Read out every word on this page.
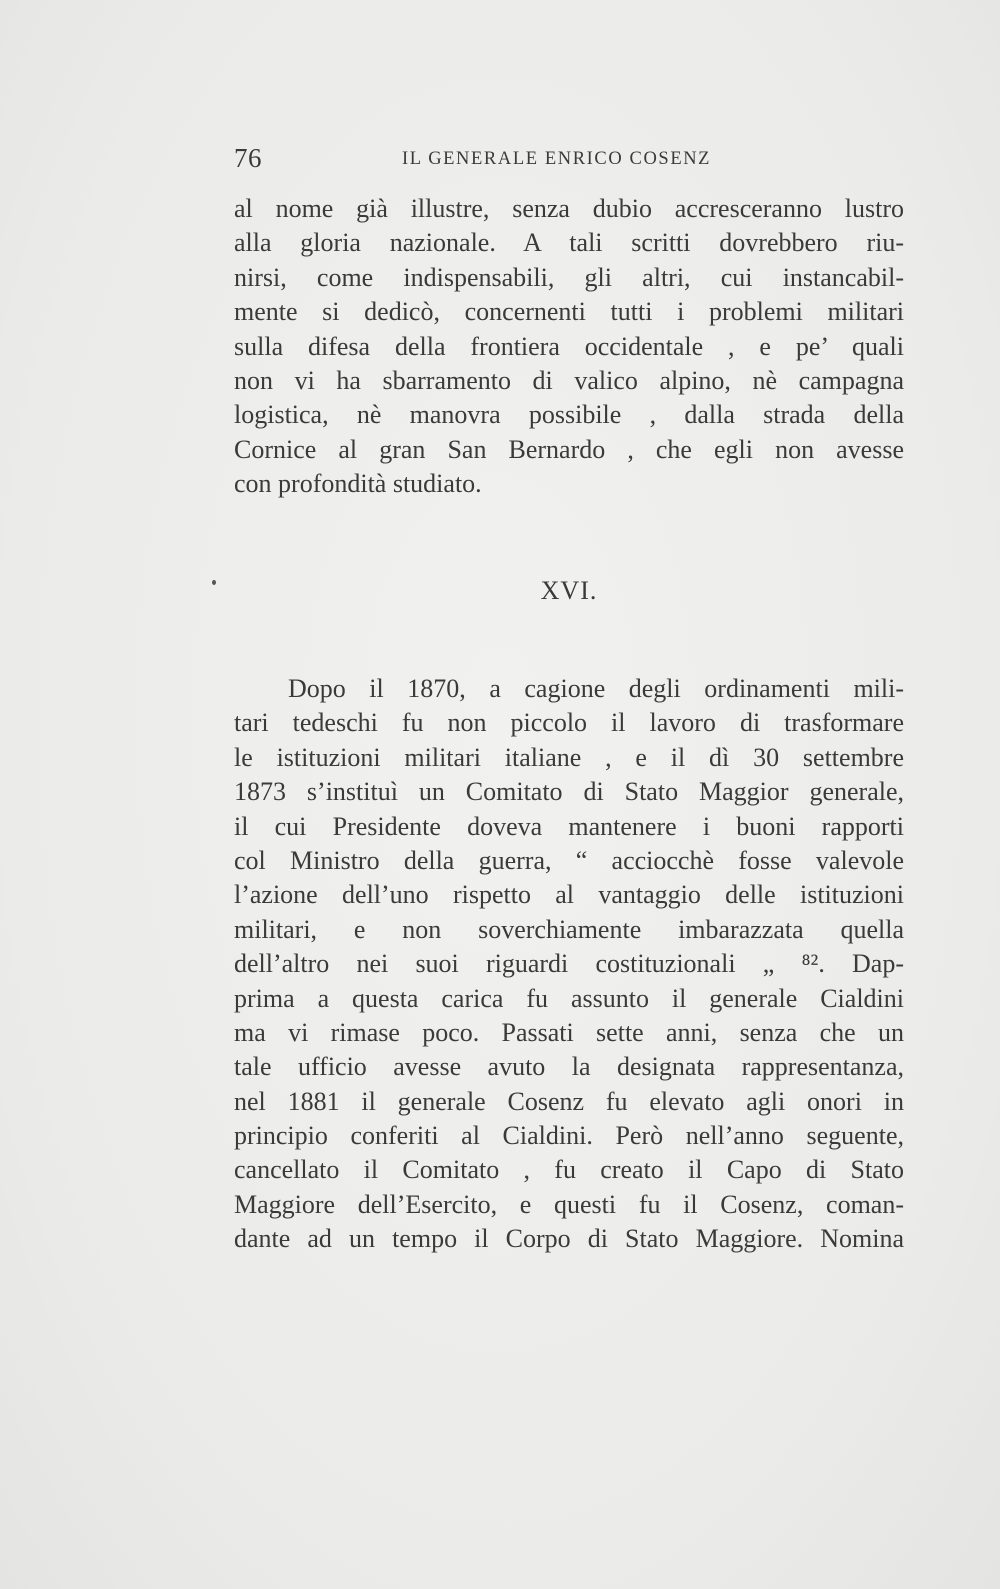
76	IL GENERALE ENRICO COSENZ
al nome già illustre, senza dubio accresceranno lustro
alla gloria nazionale. A tali scritti dovrebbero riu-
nirsi, come indispensabili, gli altri, cui instancabil-
mente si dedicò, concernenti tutti i problemi militari
sulla difesa della frontiera occidentale , e pe’ quali
non vi ha sbarramento di valico alpino, nè campagna
logistica, nè manovra possibile , dalla strada della
Cornice al gran San Bernardo , che egli non avesse
con profondità studiato.
XVI.
Dopo il 1870, a cagione degli ordinamenti mili-
tari tedeschi fu non piccolo il lavoro di trasformare
le istituzioni militari italiane , e il dì 30 settembre
1873 s’instituì un Comitato di Stato Maggior generale,
il cui Presidente doveva mantenere i buoni rapporti
col Ministro della guerra, “ acciocchè fosse valevole
l’azione dell’uno rispetto al vantaggio delle istituzioni
militari, e non soverchiamente imbarazzata quella
dell’altro nei suoi riguardi costituzionali „ ⁸². Dap-
prima a questa carica fu assunto il generale Cialdini
ma vi rimase poco. Passati sette anni, senza che un
tale ufficio avesse avuto la designata rappresentanza,
nel 1881 il generale Cosenz fu elevato agli onori in
principio conferiti al Cialdini. Però nell’anno seguente,
cancellato il Comitato , fu creato il Capo di Stato
Maggiore dell’Esercito, e questi fu il Cosenz, coman-
dante ad un tempo il Corpo di Stato Maggiore. Nomina
